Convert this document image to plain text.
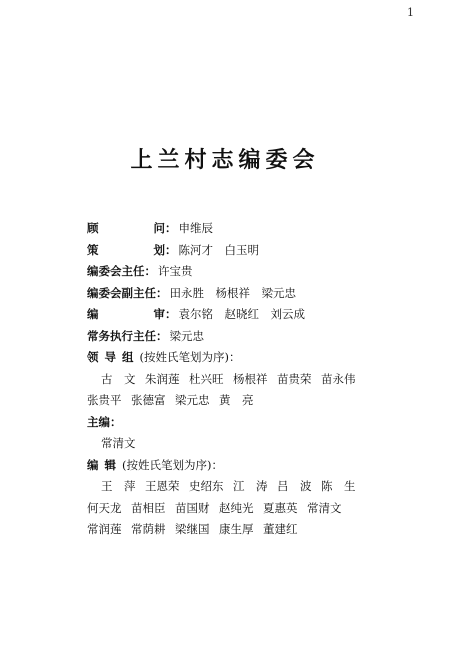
1
上兰村志编委会
顾	问 ： 申维辰
策	划 ： 陈河才　白玉明
编委会主任 ： 许宝贵
编委会副主任 ： 田永胜　杨根祥　梁元忠
编	审 ： 袁尔铭　赵晓红　刘云成
常务执行主任 ： 梁元忠
领导组 (按姓氏笔划为序)：
古　文 朱润莲 杜兴旺 杨根祥 苗贵荣 苗永伟
张贵平 张德富 梁元忠 黄　亮
主编：
常清文
编辑 (按姓氏笔划为序)：
王　萍 王恩荣 史绍东 江　涛 吕　波 陈　生
何天龙 苗相臣 苗国财 赵纯光 夏惠英 常清文
常润莲 常荫耕 梁继国 康生厚 董建红
